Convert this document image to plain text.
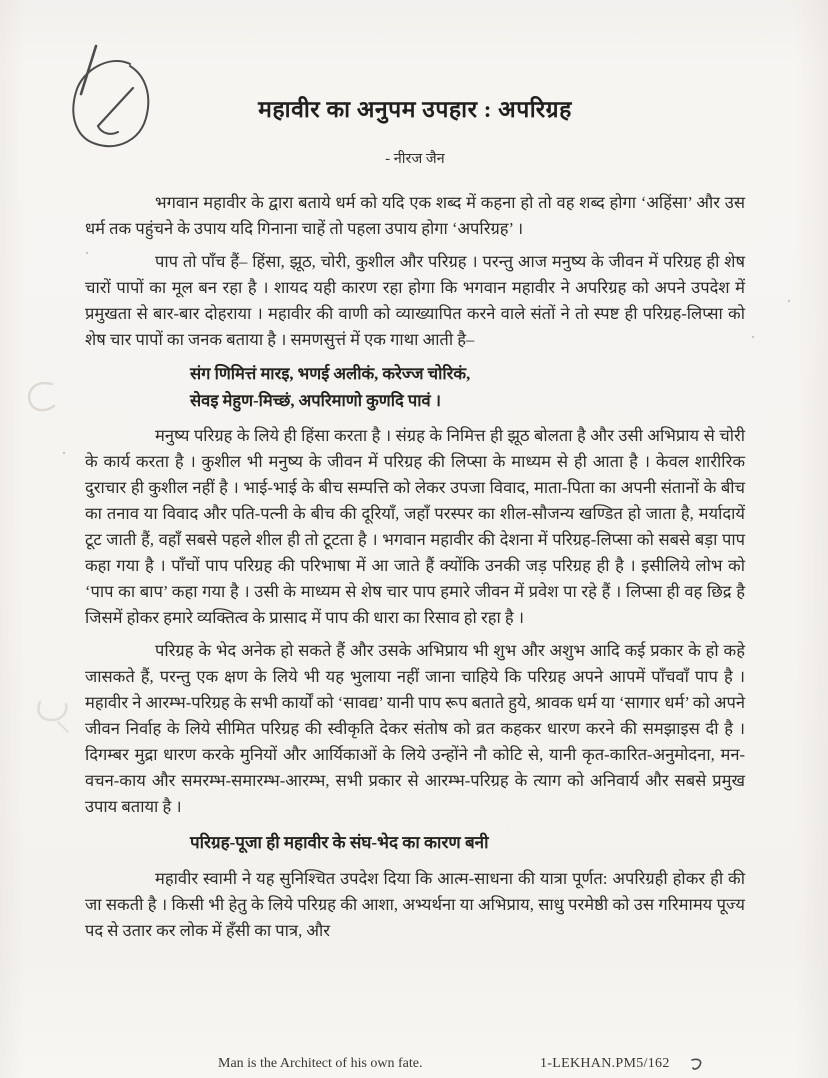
महावीर का अनुपम उपहार : अपरिग्रह
- नीरज जैन

भगवान महावीर के द्वारा बताये धर्म को यदि एक शब्द में कहना हो तो वह शब्द होगा ‘अहिंसा’ और उस धर्म तक पहुंचने के उपाय यदि गिनाना चाहें तो पहला उपाय होगा ‘अपरिग्रह’ ।

पाप तो पाँच हैं– हिंसा, झूठ, चोरी, कुशील और परिग्रह । परन्तु आज मनुष्य के जीवन में परिग्रह ही शेष चारों पापों का मूल बन रहा है । शायद यही कारण रहा होगा कि भगवान महावीर ने अपरिग्रह को अपने उपदेश में प्रमुखता से बार-बार दोहराया । महावीर की वाणी को व्याख्यापित करने वाले संतों ने तो स्पष्ट ही परिग्रह-लिप्सा को शेष चार पापों का जनक बताया है । समणसुत्तं में एक गाथा आती है–

संग णिमित्तं मारइ, भणई अलीकं, करेज्ज चोरिकं,
सेवइ मेहुण-मिच्छं, अपरिमाणो कुणदि पावं ।

मनुष्य परिग्रह के लिये ही हिंसा करता है । संग्रह के निमित्त ही झूठ बोलता है और उसी अभिप्राय से चोरी के कार्य करता है । कुशील भी मनुष्य के जीवन में परिग्रह की लिप्सा के माध्यम से ही आता है । केवल शारीरिक दुराचार ही कुशील नहीं है । भाई-भाई के बीच सम्पत्ति को लेकर उपजा विवाद, माता-पिता का अपनी संतानों के बीच का तनाव या विवाद और पति-पत्नी के बीच की दूरियाँ, जहाँ परस्पर का शील-सौजन्य खण्डित हो जाता है, मर्यादायें टूट जाती हैं, वहाँ सबसे पहले शील ही तो टूटता है । भगवान महावीर की देशना में परिग्रह-लिप्सा को सबसे बड़ा पाप कहा गया है । पाँचों पाप परिग्रह की परिभाषा में आ जाते हैं क्योंकि उनकी जड़ परिग्रह ही है । इसीलिये लोभ को ‘पाप का बाप’ कहा गया है । उसी के माध्यम से शेष चार पाप हमारे जीवन में प्रवेश पा रहे हैं । लिप्सा ही वह छिद्र है जिसमें होकर हमारे व्यक्तित्व के प्रासाद में पाप की धारा का रिसाव हो रहा है ।

परिग्रह के भेद अनेक हो सकते हैं और उसके अभिप्राय भी शुभ और अशुभ आदि कई प्रकार के हो कहे जासकते हैं, परन्तु एक क्षण के लिये भी यह भुलाया नहीं जाना चाहिये कि परिग्रह अपने आपमें पाँचवाँ पाप है । महावीर ने आरम्भ-परिग्रह के सभी कार्यों को ‘सावद्य’ यानी पाप रूप बताते हुये, श्रावक धर्म या ‘सागार धर्म’ को अपने जीवन निर्वाह के लिये सीमित परिग्रह की स्वीकृति देकर संतोष को व्रत कहकर धारण करने की समझाइस दी है । दिगम्बर मुद्रा धारण करके मुनियों और आर्यिकाओं के लिये उन्होंने नौ कोटि से, यानी कृत-कारित-अनुमोदना, मन-वचन-काय और समरम्भ-समारम्भ-आरम्भ, सभी प्रकार से आरम्भ-परिग्रह के त्याग को अनिवार्य और सबसे प्रमुख उपाय बताया है ।

परिग्रह-पूजा ही महावीर के संघ-भेद का कारण बनी

महावीर स्वामी ने यह सुनिश्चित उपदेश दिया कि आत्म-साधना की यात्रा पूर्णत: अपरिग्रही होकर ही की जा सकती है । किसी भी हेतु के लिये परिग्रह की आशा, अभ्यर्थना या अभिप्राय, साधु परमेष्ठी को उस गरिमामय पूज्य पद से उतार कर लोक में हँसी का पात्र, और

Man is the Architect of his own fate.	1-LEKHAN.PM5/162
